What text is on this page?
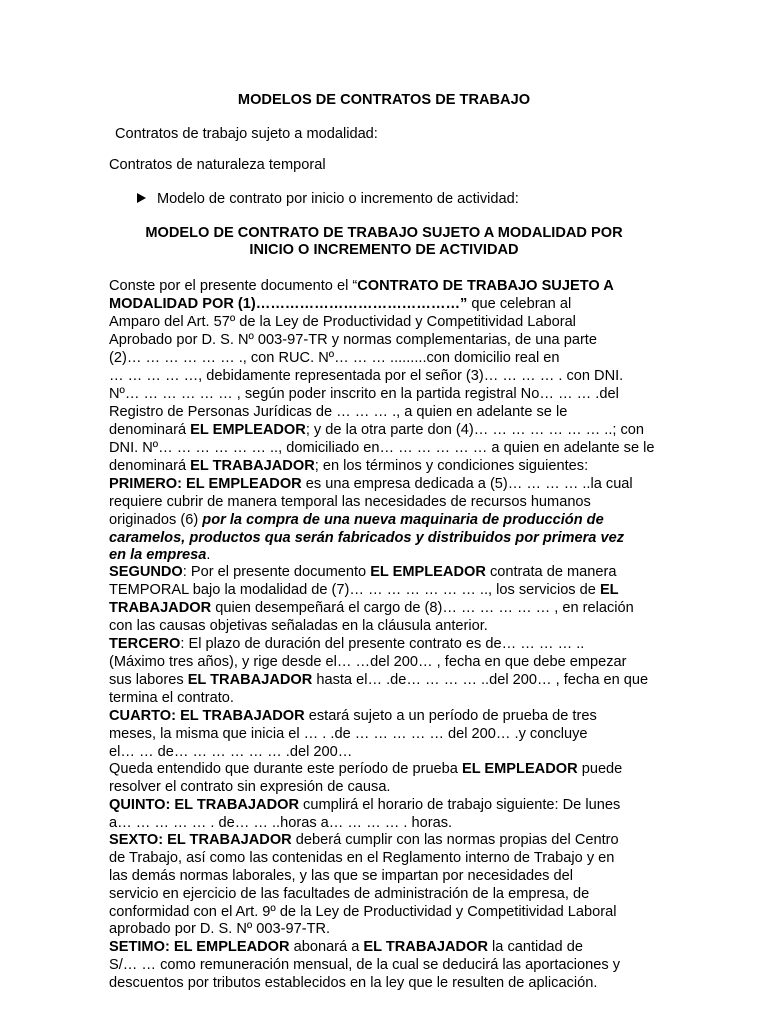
MODELOS DE CONTRATOS DE TRABAJO
Contratos de trabajo sujeto a modalidad:
Contratos de naturaleza temporal
Modelo de contrato por inicio o incremento de actividad:
MODELO DE CONTRATO DE TRABAJO SUJETO A MODALIDAD POR
INICIO O INCREMENTO DE ACTIVIDAD
Conste por el presente documento el “CONTRATO DE TRABAJO SUJETO A
MODALIDAD POR (1)……………………………………” que celebran al
Amparo del Art. 57º de la Ley de Productividad y Competitividad Laboral
Aprobado por D. S. Nº 003-97-TR y normas complementarias, de una parte
(2)… … … … … … ., con RUC. Nº… … … .........con domicilio real en
… … … … …, debidamente representada por el señor (3)… … … … . con DNI.
Nº… … … … … … , según poder inscrito en la partida registral No… … … .del
Registro de Personas Jurídicas de … … … ., a quien en adelante se le
denominará EL EMPLEADOR; y de la otra parte don (4)… … … … … … … ..; con
DNI. Nº… … … … … … .., domiciliado en… … … … … … a quien en adelante se le
denominará EL TRABAJADOR; en los términos y condiciones siguientes:
PRIMERO: EL EMPLEADOR es una empresa dedicada a (5)… … … … ..la cual
requiere cubrir de manera temporal las necesidades de recursos humanos
originados (6) por la compra de una nueva maquinaria de producción de
caramelos, productos qua serán fabricados y distribuidos por primera vez
en la empresa.
SEGUNDO: Por el presente documento EL EMPLEADOR contrata de manera
TEMPORAL bajo la modalidad de (7)… … … … … … … .., los servicios de EL
TRABAJADOR quien desempeñará el cargo de (8)… … … … … … , en relación
con las causas objetivas señaladas en la cláusula anterior.
TERCERO: El plazo de duración del presente contrato es de… … … … ..
(Máximo tres años), y rige desde el… …del 200… , fecha en que debe empezar
sus labores EL TRABAJADOR hasta el… .de… … … … ..del 200… , fecha en que
termina el contrato.
CUARTO: EL TRABAJADOR estará sujeto a un período de prueba de tres
meses, la misma que inicia el … . .de … … … … … del 200… .y concluye
el… … de… … … … … … .del 200…
Queda entendido que durante este período de prueba EL EMPLEADOR puede
resolver el contrato sin expresión de causa.
QUINTO: EL TRABAJADOR cumplirá el horario de trabajo siguiente: De lunes
a… … … … … . de… … ..horas a… … … … . horas.
SEXTO: EL TRABAJADOR deberá cumplir con las normas propias del Centro
de Trabajo, así como las contenidas en el Reglamento interno de Trabajo y en
las demás normas laborales, y las que se impartan por necesidades del
servicio en ejercicio de las facultades de administración de la empresa, de
conformidad con el Art. 9º de la Ley de Productividad y Competitividad Laboral
aprobado por D. S. Nº 003-97-TR.
SETIMO: EL EMPLEADOR abonará a EL TRABAJADOR la cantidad de
S/… … como remuneración mensual, de la cual se deducirá las aportaciones y
descuentos por tributos establecidos en la ley que le resulten de aplicación.
